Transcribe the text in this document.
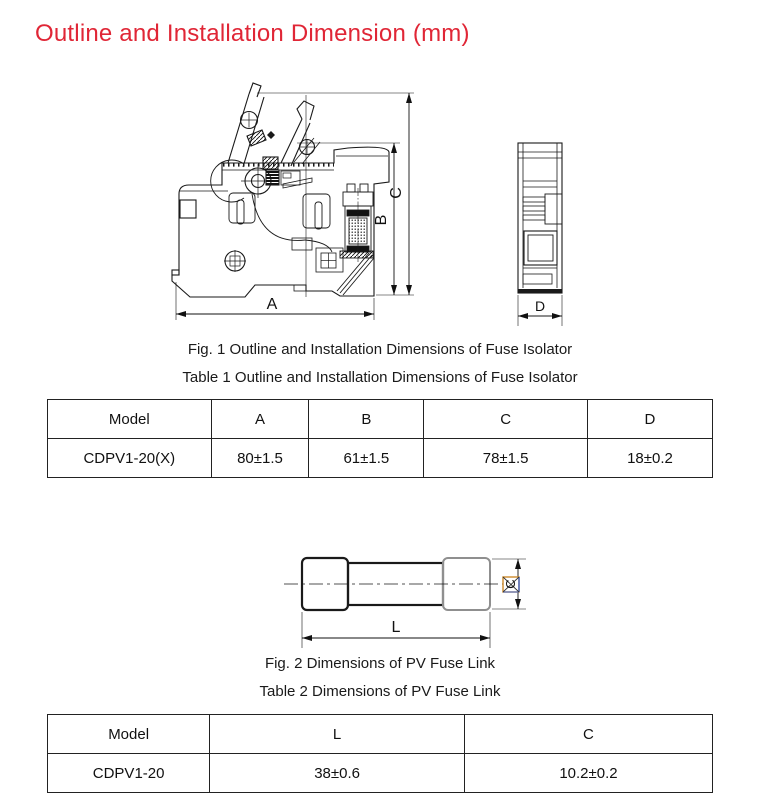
A
B
C
D
L
C
Outline and Installation Dimension (mm)
Fig. 1 Outline and Installation Dimensions of Fuse Isolator
Table 1 Outline and Installation Dimensions of Fuse Isolator
Model	A	B	C	D
CDPV1-20(X)	80±1.5	61±1.5	78±1.5	18±0.2
Fig. 2 Dimensions of PV Fuse Link
Table 2 Dimensions of PV Fuse Link
Model	L	C
CDPV1-20	38±0.6	10.2±0.2
